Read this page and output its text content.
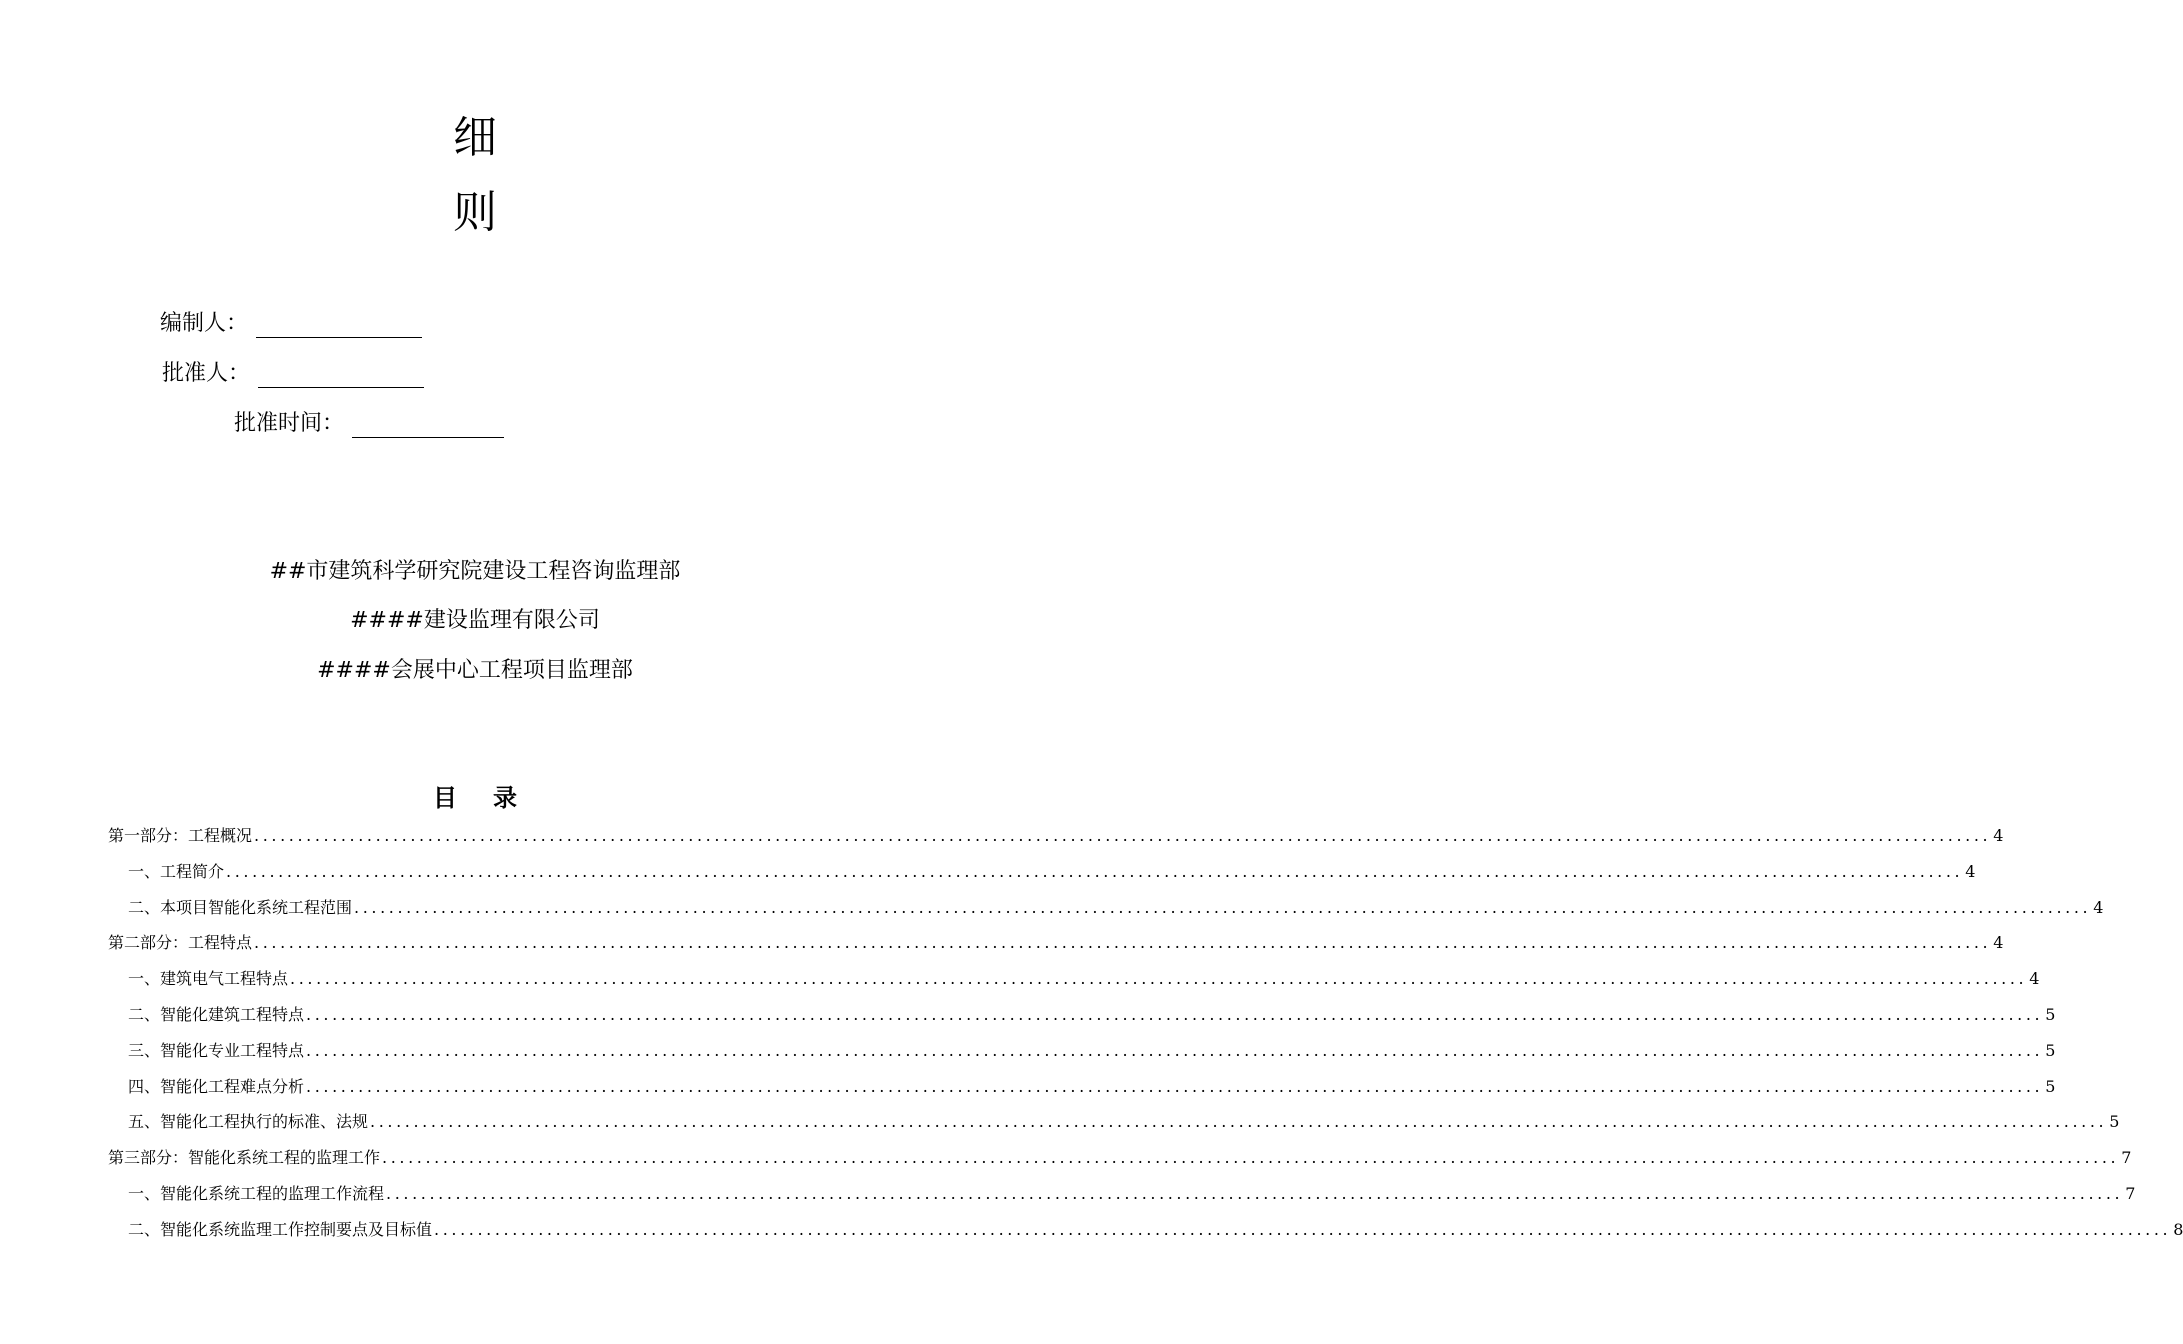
细
则
编制人：
批准人：
批准时间：
##市建筑科学研究院建设工程咨询监理部
####建设监理有限公司
####会展中心工程项目监理部
目录
第一部分：工程概况 ........................................................................................................................................................................................................ 4
一、工程简介 ........................................................................................................................................................................................................ 4
二、本项目智能化系统工程范围 ........................................................................................................................................................................................................ 4
第二部分：工程特点 ........................................................................................................................................................................................................ 4
一、建筑电气工程特点 ........................................................................................................................................................................................................ 4
二、智能化建筑工程特点 ........................................................................................................................................................................................................ 5
三、智能化专业工程特点 ........................................................................................................................................................................................................ 5
四、智能化工程难点分析 ........................................................................................................................................................................................................ 5
五、智能化工程执行的标准、法规 ........................................................................................................................................................................................................ 5
第三部分：智能化系统工程的监理工作 ........................................................................................................................................................................................................ 7
一、智能化系统工程的监理工作流程 ........................................................................................................................................................................................................ 7
二、智能化系统监理工作控制要点及目标值 ........................................................................................................................................................................................................ 8
